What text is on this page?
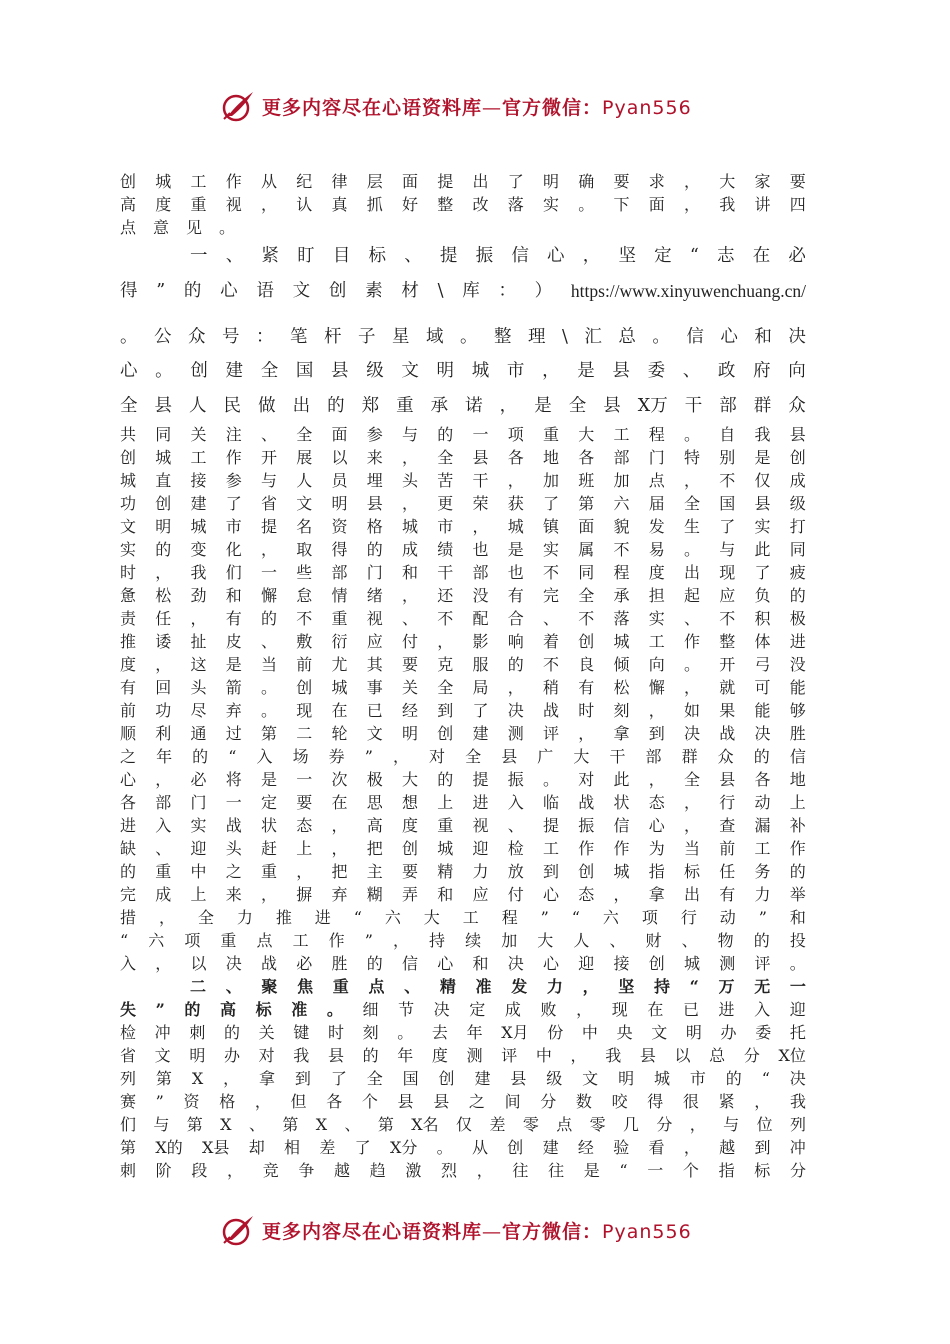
更多内容尽在心语资料库—官方微信：Pyan556
创 城 工 作 从 纪 律 层 面 提 出 了 明 确 要 求 ， 大 家 要
高 度 重 视 ， 认 真 抓 好 整 改 落 实 。 下 面 ， 我 讲 四
点 意 见 。
一 、 紧 盯 目 标 、 提 振 信 心 ， 坚 定 “ 志 在 必
得 ” 的 心 语 文 创 素 材 \ 库 ： ） https://www.xinyuwenchuang.cn/
。 公 众 号 ： 笔 杆 子 星 域 。 整 理 \ 汇 总 。 信 心 和 决
心 。 创 建 全 国 县 级 文 明 城 市 ， 是 县 委 、 政 府 向
全 县 人 民 做 出 的 郑 重 承 诺 ， 是 全 县 X万 干 部 群 众
共 同 关 注 、 全 面 参 与 的 一 项 重 大 工 程 。 自 我 县
创 城 工 作 开 展 以 来 ， 全 县 各 地 各 部 门 特 别 是 创
城 直 接 参 与 人 员 埋 头 苦 干 ， 加 班 加 点 ， 不 仅 成
功 创 建 了 省 文 明 县 ， 更 荣 获 了 第 六 届 全 国 县 级
文 明 城 市 提 名 资 格 城 市 ， 城 镇 面 貌 发 生 了 实 打
实 的 变 化 ， 取 得 的 成 绩 也 是 实 属 不 易 。 与 此 同
时 ， 我 们 一 些 部 门 和 干 部 也 不 同 程 度 出 现 了 疲
惫 松 劲 和 懈 怠 情 绪 ， 还 没 有 完 全 承 担 起 应 负 的
责 任 ， 有 的 不 重 视 、 不 配 合 、 不 落 实 、 不 积 极
推 诿 扯 皮 、 敷 衍 应 付 ， 影 响 着 创 城 工 作 整 体 进
度 ， 这 是 当 前 尤 其 要 克 服 的 不 良 倾 向 。 开 弓 没
有 回 头 箭 。 创 城 事 关 全 局 ， 稍 有 松 懈 ， 就 可 能
前 功 尽 弃 。 现 在 已 经 到 了 决 战 时 刻 ， 如 果 能 够
顺 利 通 过 第 二 轮 文 明 创 建 测 评 ， 拿 到 决 战 决 胜
之 年 的 “ 入 场 券 ” ， 对 全 县 广 大 干 部 群 众 的 信
心 ， 必 将 是 一 次 极 大 的 提 振 。 对 此 ， 全 县 各 地
各 部 门 一 定 要 在 思 想 上 进 入 临 战 状 态 ， 行 动 上
进 入 实 战 状 态 ， 高 度 重 视 、 提 振 信 心 ， 查 漏 补
缺 、 迎 头 赶 上 ， 把 创 城 迎 检 工 作 作 为 当 前 工 作
的 重 中 之 重 ， 把 主 要 精 力 放 到 创 城 指 标 任 务 的
完 成 上 来 ， 摒 弃 糊 弄 和 应 付 心 态 ， 拿 出 有 力 举
措 ， 全 力 推 进 “ 六 大 工 程 ” “ 六 项 行 动 ” 和
“ 六 项 重 点 工 作 ” ， 持 续 加 大 人 、 财 、 物 的 投
入 ， 以 决 战 必 胜 的 信 心 和 决 心 迎 接 创 城 测 评 。
二 、 聚 焦 重 点 、 精 准 发 力 ， 坚 持 “ 万 无 一
失 ” 的 高 标 准 。 细 节 决 定 成 败 ， 现 在 已 进 入 迎
检 冲 刺 的 关 键 时 刻 。 去 年 X月 份 中 央 文 明 办 委 托
省 文 明 办 对 我 县 的 年 度 测 评 中 ， 我 县 以 总 分 X位
列 第 X ， 拿 到 了 全 国 创 建 县 级 文 明 城 市 的 “ 决
赛 ” 资 格 ， 但 各 个 县 县 之 间 分 数 咬 得 很 紧 ， 我
们 与 第 X 、 第 X 、 第 X名 仅 差 零 点 零 几 分 ， 与 位 列
第 X的 X县 却 相 差 了 X分 。 从 创 建 经 验 看 ， 越 到 冲
刺 阶 段 ， 竞 争 越 趋 激 烈 ， 往 往 是 “ 一 个 指 标 分
更多内容尽在心语资料库—官方微信：Pyan556
